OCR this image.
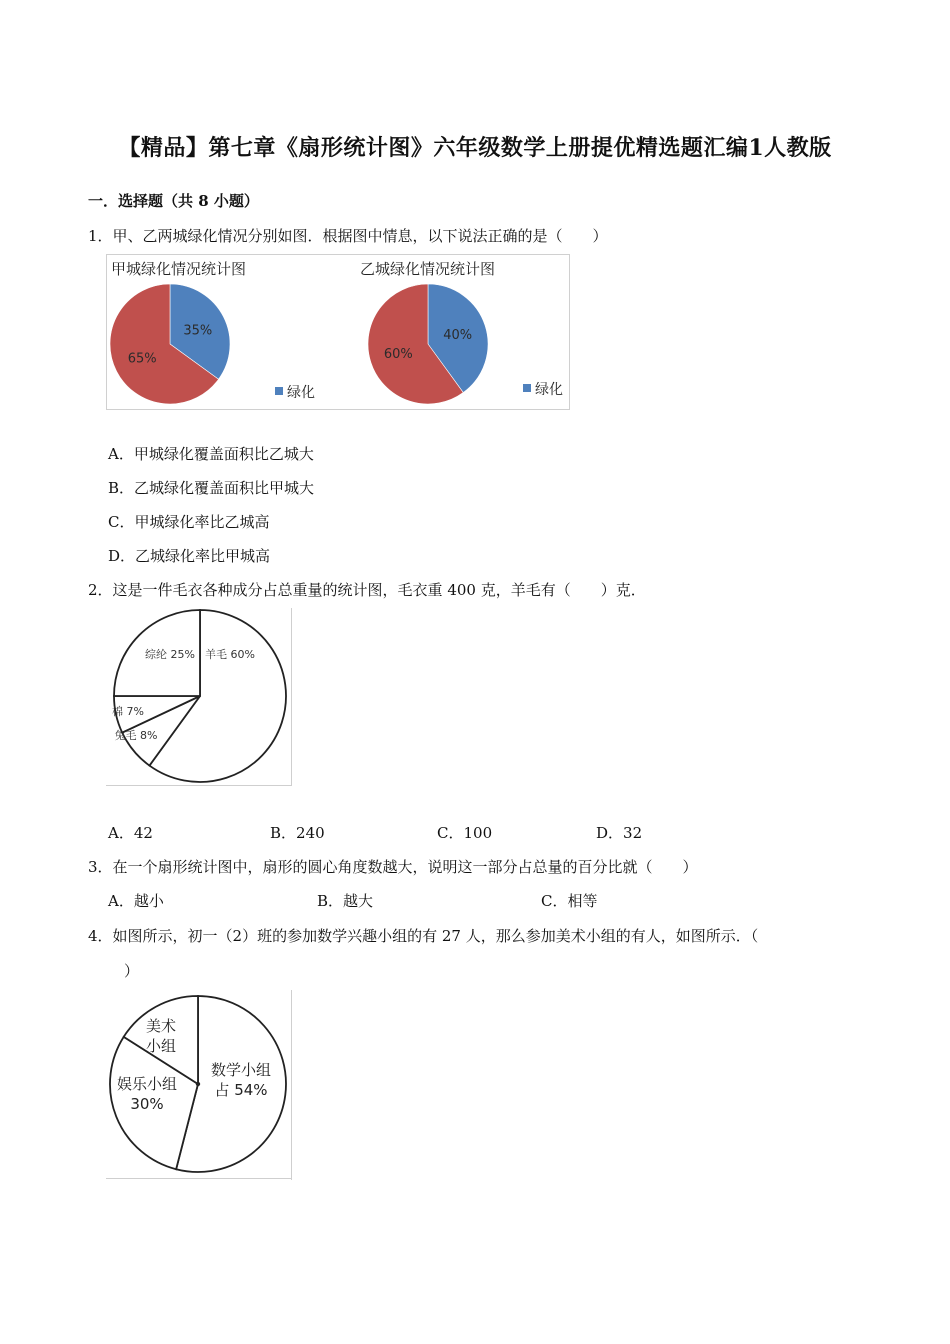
【精品】第七章《扇形统计图》六年级数学上册提优精选题汇编1人教版
一．选择题（共 8 小题）
1．甲、乙两城绿化情况分别如图．根据图中情息，以下说法正确的是（　　）
甲城绿化情况统计图	乙城绿化情况统计图
35%
65%
40%
60%
绿化	绿化
A．甲城绿化覆盖面积比乙城大
B．乙城绿化覆盖面积比甲城大
C．甲城绿化率比乙城高
D．乙城绿化率比甲城高
2．这是一件毛衣各种成分占总重量的统计图，毛衣重 400 克，羊毛有（　　）克．
羊毛 60%
兔毛 8%
棉 7%
综纶 25%
A．42	B．240	C．100	D．32
3．在一个扇形统计图中，扇形的圆心角度数越大，说明这一部分占总量的百分比就（　　）
A．越小	B．越大	C．相等
4．如图所示，初一（2）班的参加数学兴趣小组的有 27 人，那么参加美术小组的有人，如图所示．（
）
数学小组
占 54%
娱乐小组
30%
美术
小组
